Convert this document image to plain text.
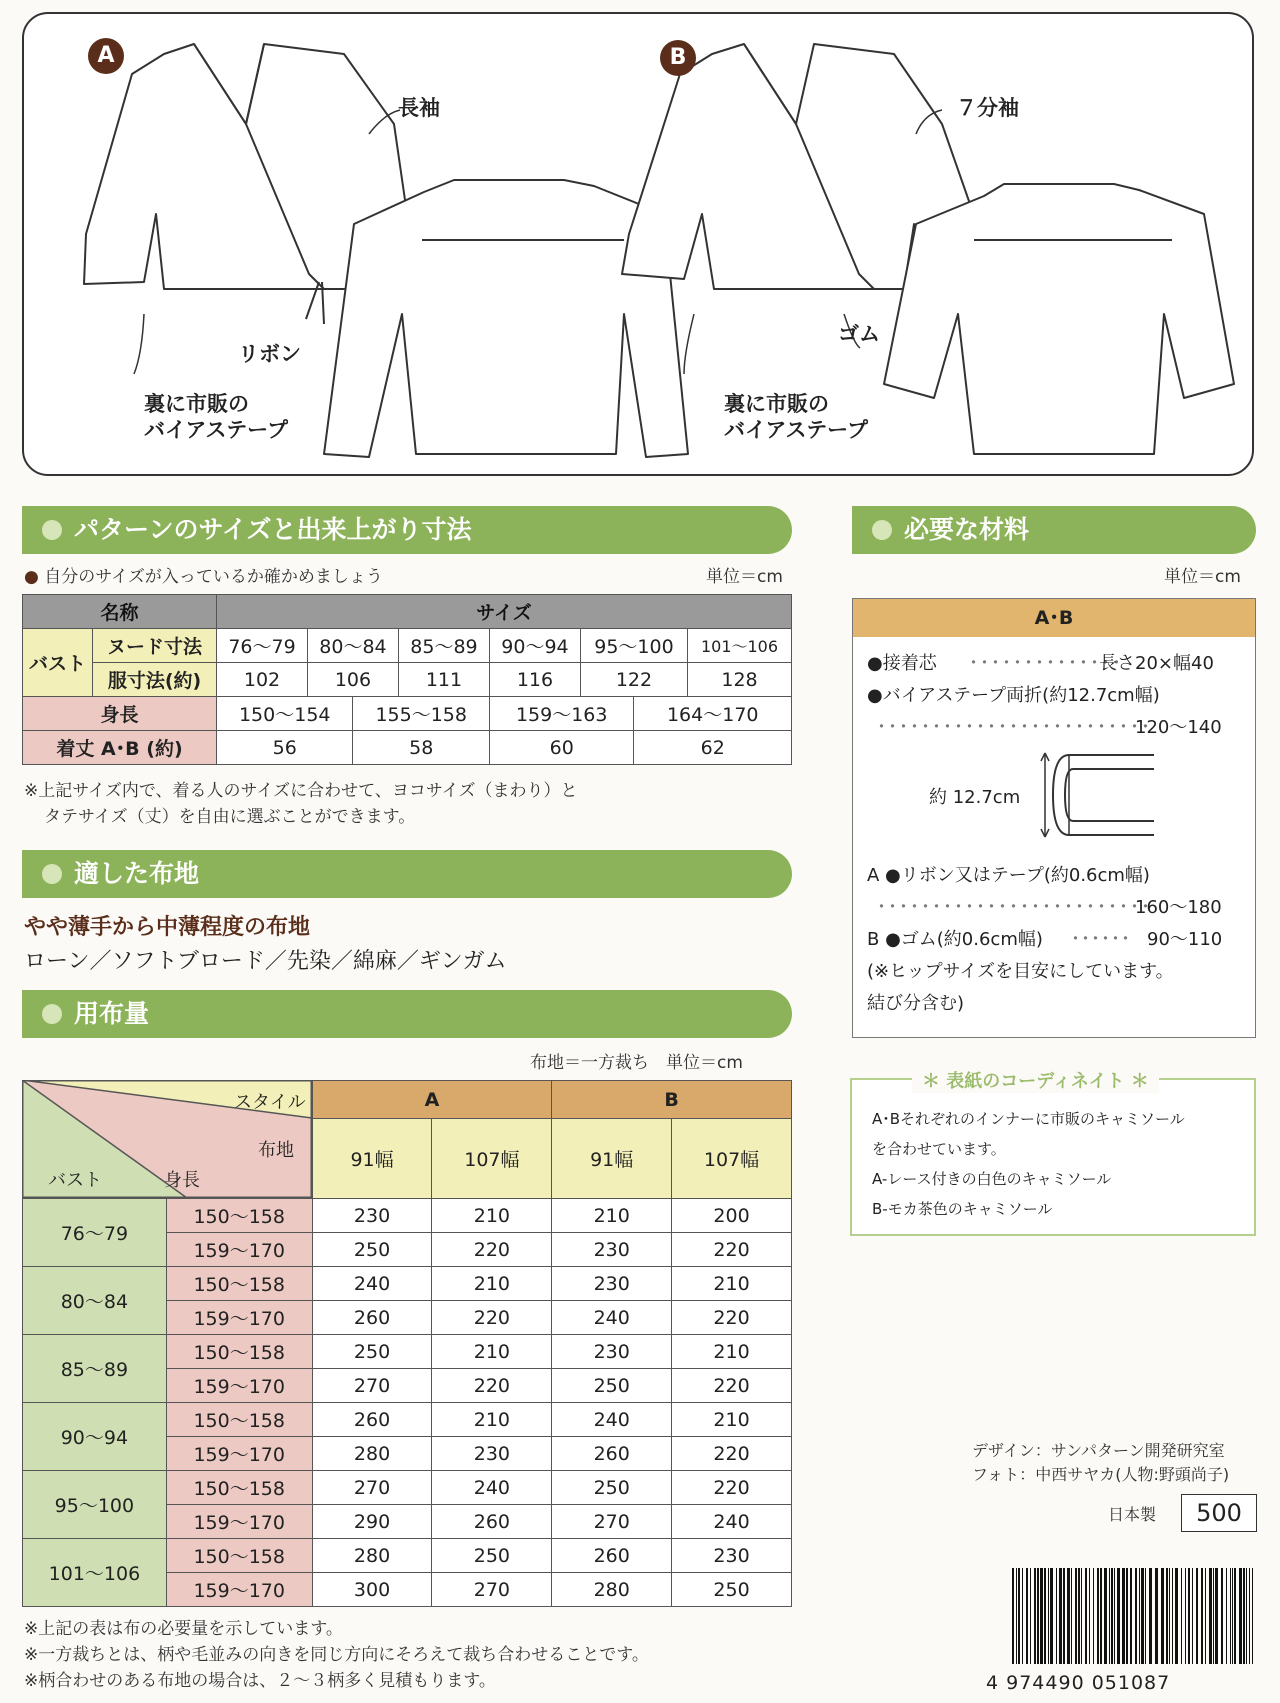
A	B
長袖
リボン
裏に市販の
バイアステープ
７分袖
ゴム
裏に市販の
バイアステープ
パターンのサイズと出来上がり寸法
● 自分のサイズが入っているか確かめましょう	単位＝cm
名称		サイズ							
バスト	ヌード寸法	76〜79	80〜84		85〜89	90〜94	95〜100		101〜106
	服寸法(約)	102	106		111	116	122		128
身長		150〜154		155〜158		159〜163		164〜170	
着丈 A･B (約)		56		58		60		62	
※上記サイズ内で、着る人のサイズに合わせて、ヨコサイズ（まわり）と
タテサイズ（丈）を自由に選ぶことができます。
適した布地
やや薄手から中薄程度の布地
ローン／ソフトブロード／先染／綿麻／ギンガム
用布量
布地＝一方裁ち　単位＝cm
スタイル
布地
身長
バスト
		A		B	
		91幅	107幅	91幅	107幅
76〜79	150〜158	230	210	210	200
	159〜170	250	220	230	220
80〜84	150〜158	240	210	230	210
	159〜170	260	220	240	220
85〜89	150〜158	250	210	230	210
	159〜170	270	220	250	220
90〜94	150〜158	260	210	240	210
	159〜170	280	230	260	220
95〜100	150〜158	270	240	250	220
	159〜170	290	260	270	240
101〜106	150〜158	280	250	260	230
	159〜170	300	270	280	250
※上記の表は布の必要量を示しています。
※一方裁ちとは、柄や毛並みの向きを同じ方向にそろえて裁ち合わせることです。
※柄合わせのある布地の場合は、２〜３柄多く見積もります。
必要な材料
単位＝cm
A･B
●接着芯 ･･････････････
長さ20×幅40
●バイアステープ両折(約12.7cm幅)
･････････････････････････
120〜140
約 12.7cm
A ●リボン又はテープ(約0.6cm幅)
･････････････････････････
160〜180
B ●ゴム(約0.6cm幅) ･･････ 90〜110
(※ヒップサイズを目安にしています。
結び分含む)
＊ 表紙のコーディネイト ＊
A･Bそれぞれのインナーに市販のキャミソール
を合わせています。
A-レース付きの白色のキャミソール
B-モカ茶色のキャミソール
デザイン：サンパターン開発研究室
フォト：中西サヤカ(人物:野頭尚子)
日本製	500
4 974490 051087
